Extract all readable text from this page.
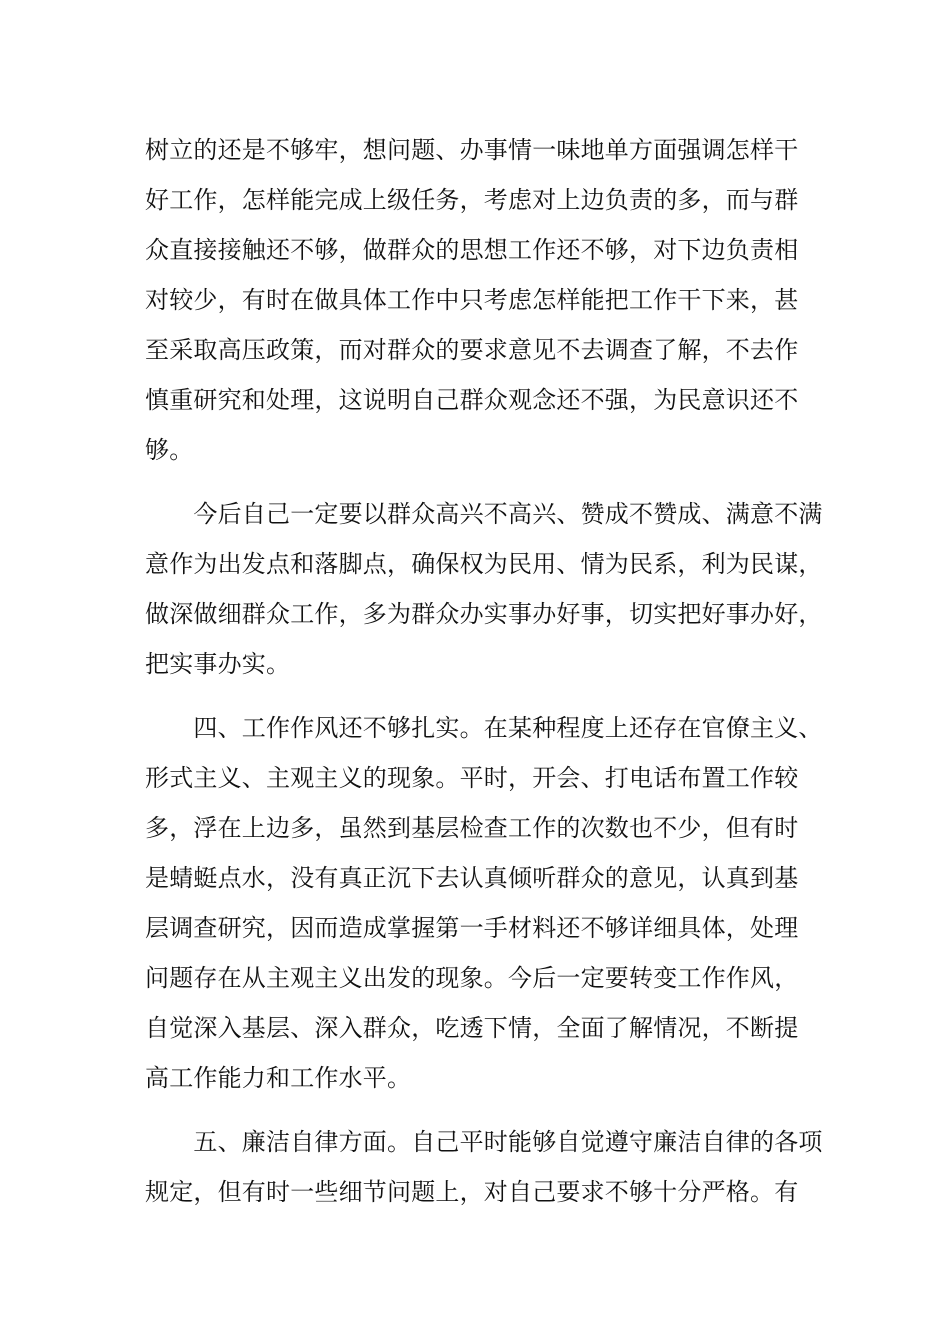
树立的还是不够牢，想问题、办事情一味地单方面强调怎样干
好工作，怎样能完成上级任务，考虑对上边负责的多，而与群
众直接接触还不够，做群众的思想工作还不够，对下边负责相
对较少，有时在做具体工作中只考虑怎样能把工作干下来，甚
至采取高压政策，而对群众的要求意见不去调查了解，不去作
慎重研究和处理，这说明自己群众观念还不强，为民意识还不
够。
　　今后自己一定要以群众高兴不高兴、赞成不赞成、满意不满
意作为出发点和落脚点，确保权为民用、情为民系，利为民谋，
做深做细群众工作，多为群众办实事办好事，切实把好事办好，
把实事办实。
　　四、工作作风还不够扎实。在某种程度上还存在官僚主义、
形式主义、主观主义的现象。平时，开会、打电话布置工作较
多，浮在上边多，虽然到基层检查工作的次数也不少，但有时
是蜻蜓点水，没有真正沉下去认真倾听群众的意见，认真到基
层调查研究，因而造成掌握第一手材料还不够详细具体，处理
问题存在从主观主义出发的现象。今后一定要转变工作作风，
自觉深入基层、深入群众，吃透下情，全面了解情况，不断提
高工作能力和工作水平。
　　五、廉洁自律方面。自己平时能够自觉遵守廉洁自律的各项
规定，但有时一些细节问题上，对自己要求不够十分严格。有
